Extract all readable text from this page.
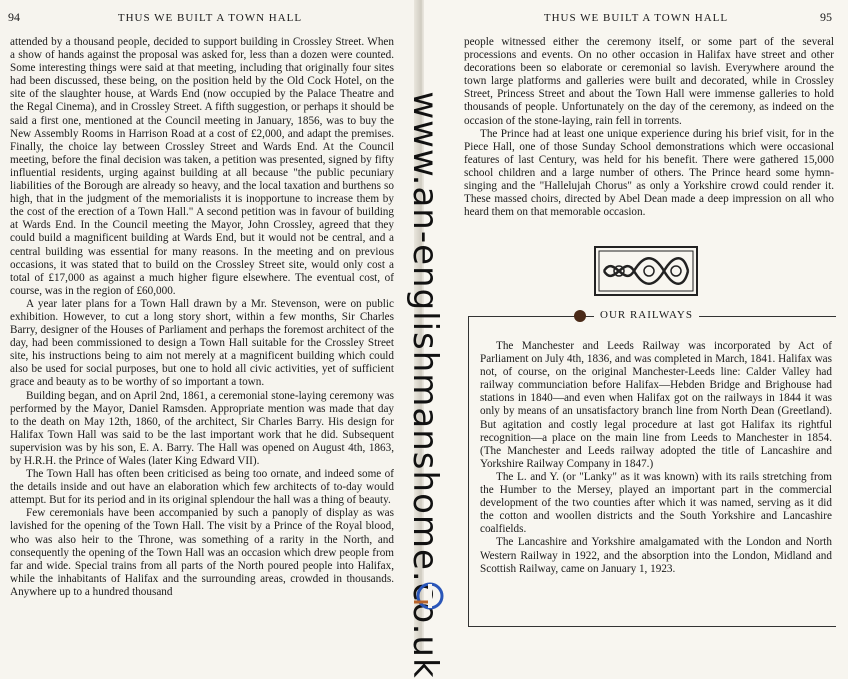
94	THUS WE BUILT A TOWN HALL

attended by a thousand people, decided to support building in Crossley Street. When a show of hands against the proposal was asked for, less than a dozen were counted. Some interesting things were said at that meeting, including that originally four sites had been discussed, these being, on the position held by the Old Cock Hotel, on the site of the slaughter house, at Wards End (now occupied by the Palace Theatre and the Regal Cinema), and in Crossley Street. A fifth suggestion, or perhaps it should be said a first one, mentioned at the Council meeting in January, 1856, was to buy the New Assembly Rooms in Harrison Road at a cost of £2,000, and adapt the premises. Finally, the choice lay between Crossley Street and Wards End. At the Council meeting, before the final decision was taken, a petition was presented, signed by fifty influential residents, urging against building at all because "the public pecuniary liabilities of the Borough are already so heavy, and the local taxation and burthens so high, that in the judgment of the memorialists it is inopportune to increase them by the cost of the erection of a Town Hall." A second petition was in favour of building at Wards End. In the Council meeting the Mayor, John Crossley, agreed that they could build a magnificent building at Wards End, but it would not be central, and a central building was essential for many reasons. In the meeting and on previous occasions, it was stated that to build on the Crossley Street site, would only cost a total of £17,000 as against a much higher figure elsewhere. The eventual cost, of course, was in the region of £60,000.

A year later plans for a Town Hall drawn by a Mr. Stevenson, were on public exhibition. However, to cut a long story short, within a few months, Sir Charles Barry, designer of the Houses of Parliament and perhaps the foremost architect of the day, had been commissioned to design a Town Hall suitable for the Crossley Street site, his instructions being to aim not merely at a magnificent building which could also be used for social purposes, but one to hold all civic activities, yet of sufficient grace and beauty as to be worthy of so important a town.

Building began, and on April 2nd, 1861, a ceremonial stone-laying ceremony was performed by the Mayor, Daniel Ramsden. Appropriate mention was made that day to the death on May 12th, 1860, of the architect, Sir Charles Barry. His design for Halifax Town Hall was said to be the last important work that he did. Subsequent supervision was by his son, E. A. Barry. The Hall was opened on August 4th, 1863, by H.R.H. the Prince of Wales (later King Edward VII).

The Town Hall has often been criticised as being too ornate, and indeed some of the details inside and out have an elaboration which few architects of to-day would attempt. But for its period and in its original splendour the hall was a thing of beauty.

Few ceremonials have been accompanied by such a panoply of display as was lavished for the opening of the Town Hall. The visit by a Prince of the Royal blood, who was also heir to the Throne, was something of a rarity in the North, and consequently the opening of the Town Hall was an occasion which drew people from far and wide. Special trains from all parts of the North poured people into Halifax, while the inhabitants of Halifax and the surrounding areas, crowded in thousands. Anywhere up to a hundred thousand

95
THUS WE BUILT A TOWN HALL

people witnessed either the ceremony itself, or some part of the several processions and events. On no other occasion in Halifax have street and other decorations been so elaborate or ceremonial so lavish. Everywhere around the town large platforms and galleries were built and decorated, while in Crossley Street, Princess Street and about the Town Hall were immense galleries to hold thousands of people. Unfortunately on the day of the ceremony, as indeed on the occasion of the stone-laying, rain fell in torrents.

The Prince had at least one unique experience during his brief visit, for in the Piece Hall, one of those Sunday School demonstrations which were occasional features of last Century, was held for his benefit. There were gathered 15,000 school children and a large number of others. The Prince heard some hymn-singing and the "Hallelujah Chorus" as only a Yorkshire crowd could render it. These massed choirs, directed by Abel Dean made a deep impression on all who heard them on that memorable occasion.

OUR RAILWAYS

The Manchester and Leeds Railway was incorporated by Act of Parliament on July 4th, 1836, and was completed in March, 1841. Halifax was not, of course, on the original Manchester-Leeds line: Calder Valley had railway communciation before Halifax—Hebden Bridge and Brighouse had stations in 1840—and even when Halifax got on the railways in 1844 it was only by means of an unsatisfactory branch line from North Dean (Greetland). But agitation and costly legal procedure at last got Halifax its rightful recognition—a place on the main line from Leeds to Manchester in 1854. (The Manchester and Leeds railway adopted the title of Lancashire and Yorkshire Railway Company in 1847.)

The L. and Y. (or "Lanky" as it was known) with its rails stretching from the Humber to the Mersey, played an important part in the commercial development of the two counties after which it was named, serving as it did the cotton and woollen districts and the South Yorkshire and Lancashire coalfields.

The Lancashire and Yorkshire amalgamated with the London and North Western Railway in 1922, and the absorption into the London, Midland and Scottish Railway, came on January 1, 1923.

www.an-englishmanshome.co.uk
